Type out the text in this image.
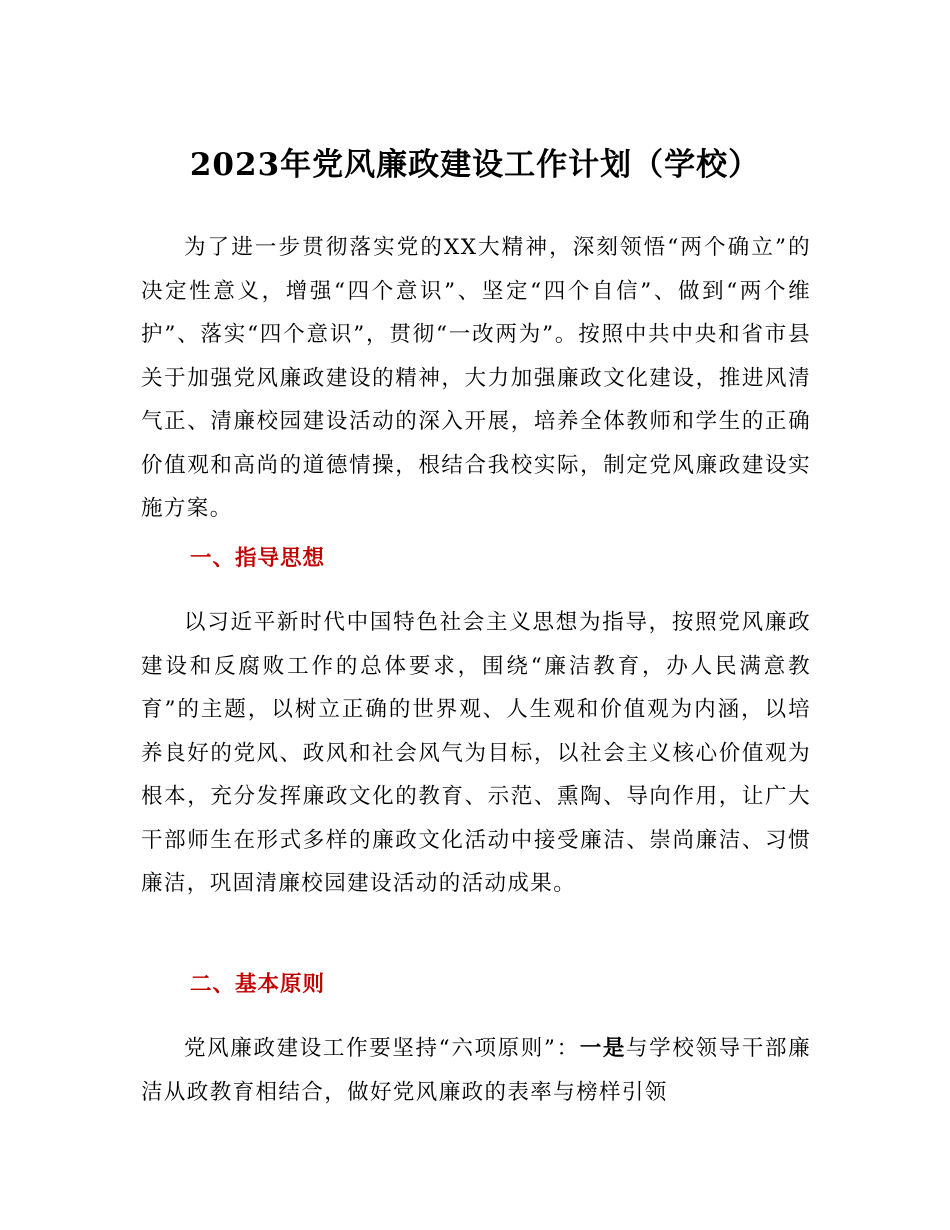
2023年党风廉政建设工作计划（学校）

为了进一步贯彻落实党的XX大精神，深刻领悟“两个确立”的决定性意义，增强“四个意识”、坚定“四个自信”、做到“两个维护”、落实“四个意识”，贯彻“一改两为”。按照中共中央和省市县关于加强党风廉政建设的精神，大力加强廉政文化建设，推进风清气正、清廉校园建设活动的深入开展，培养全体教师和学生的正确价值观和高尚的道德情操，根结合我校实际，制定党风廉政建设实施方案。

一、指导思想

以习近平新时代中国特色社会主义思想为指导，按照党风廉政建设和反腐败工作的总体要求，围绕“廉洁教育，办人民满意教育”的主题，以树立正确的世界观、人生观和价值观为内涵，以培养良好的党风、政风和社会风气为目标，以社会主义核心价值观为根本，充分发挥廉政文化的教育、示范、熏陶、导向作用，让广大干部师生在形式多样的廉政文化活动中接受廉洁、崇尚廉洁、习惯廉洁，巩固清廉校园建设活动的活动成果。

二、基本原则

党风廉政建设工作要坚持“六项原则”：一是与学校领导干部廉洁从政教育相结合，做好党风廉政的表率与榜样引领
